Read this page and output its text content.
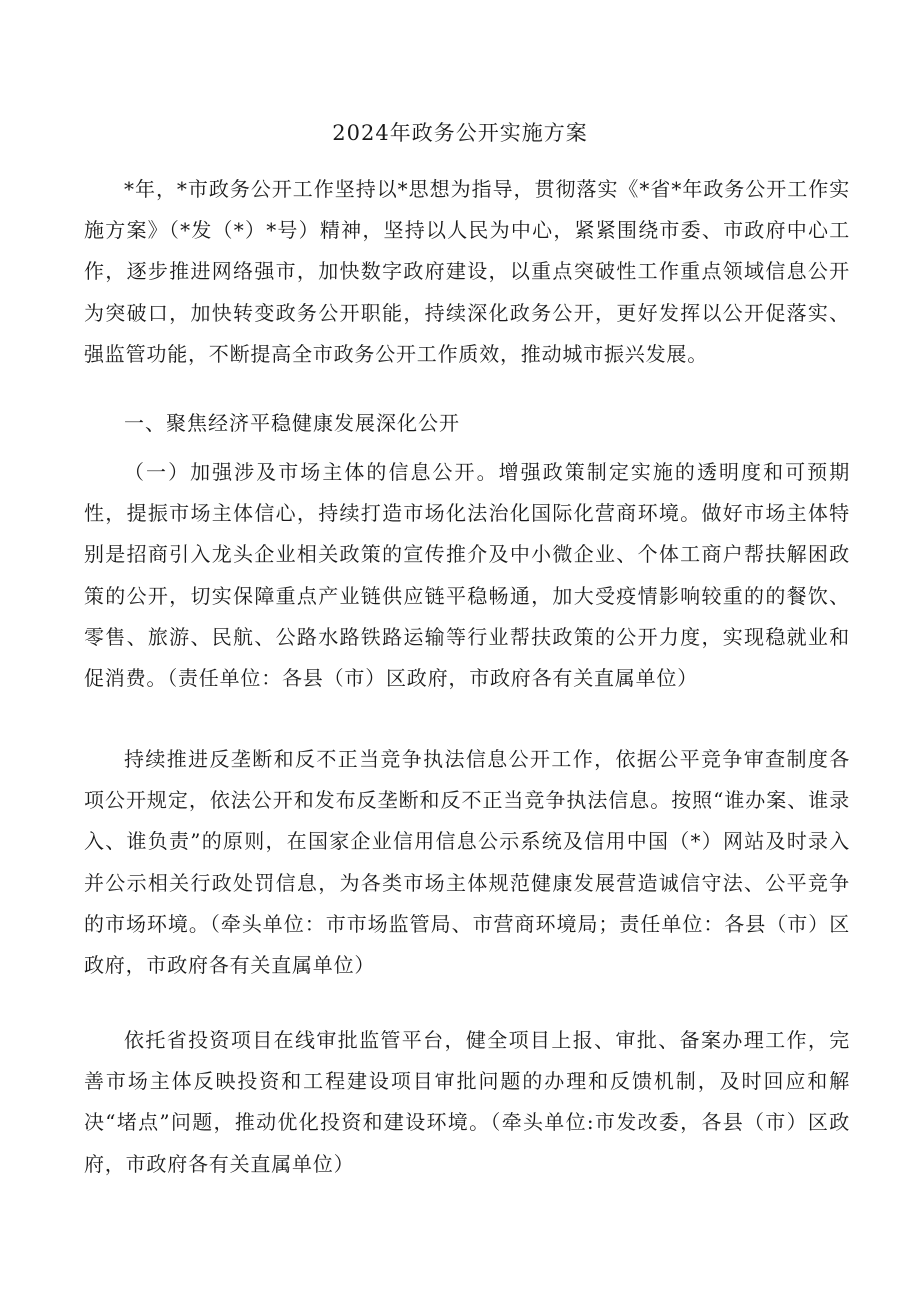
2024年政务公开实施方案

*年，*市政务公开工作坚持以*思想为指导，贯彻落实《*省*年政务公开工作实施方案》（*发（*）*号）精神，坚持以人民为中心，紧紧围绕市委、市政府中心工作，逐步推进网络强市，加快数字政府建设，以重点突破性工作重点领域信息公开为突破口，加快转变政务公开职能，持续深化政务公开，更好发挥以公开促落实、强监管功能，不断提高全市政务公开工作质效，推动城市振兴发展。

一、聚焦经济平稳健康发展深化公开

（一）加强涉及市场主体的信息公开。增强政策制定实施的透明度和可预期性，提振市场主体信心，持续打造市场化法治化国际化营商环境。做好市场主体特别是招商引入龙头企业相关政策的宣传推介及中小微企业、个体工商户帮扶解困政策的公开，切实保障重点产业链供应链平稳畅通，加大受疫情影响较重的的餐饮、零售、旅游、民航、公路水路铁路运输等行业帮扶政策的公开力度，实现稳就业和促消费。（责任单位：各县（市）区政府，市政府各有关直属单位）

持续推进反垄断和反不正当竞争执法信息公开工作，依据公平竞争审查制度各项公开规定，依法公开和发布反垄断和反不正当竞争执法信息。按照“谁办案、谁录入、谁负责”的原则，在国家企业信用信息公示系统及信用中国（*）网站及时录入并公示相关行政处罚信息，为各类市场主体规范健康发展营造诚信守法、公平竞争的市场环境。（牵头单位：市市场监管局、市营商环境局；责任单位：各县（市）区政府，市政府各有关直属单位）

依托省投资项目在线审批监管平台，健全项目上报、审批、备案办理工作，完善市场主体反映投资和工程建设项目审批问题的办理和反馈机制，及时回应和解决“堵点”问题，推动优化投资和建设环境。（牵头单位:市发改委，各县（市）区政府，市政府各有关直属单位）
